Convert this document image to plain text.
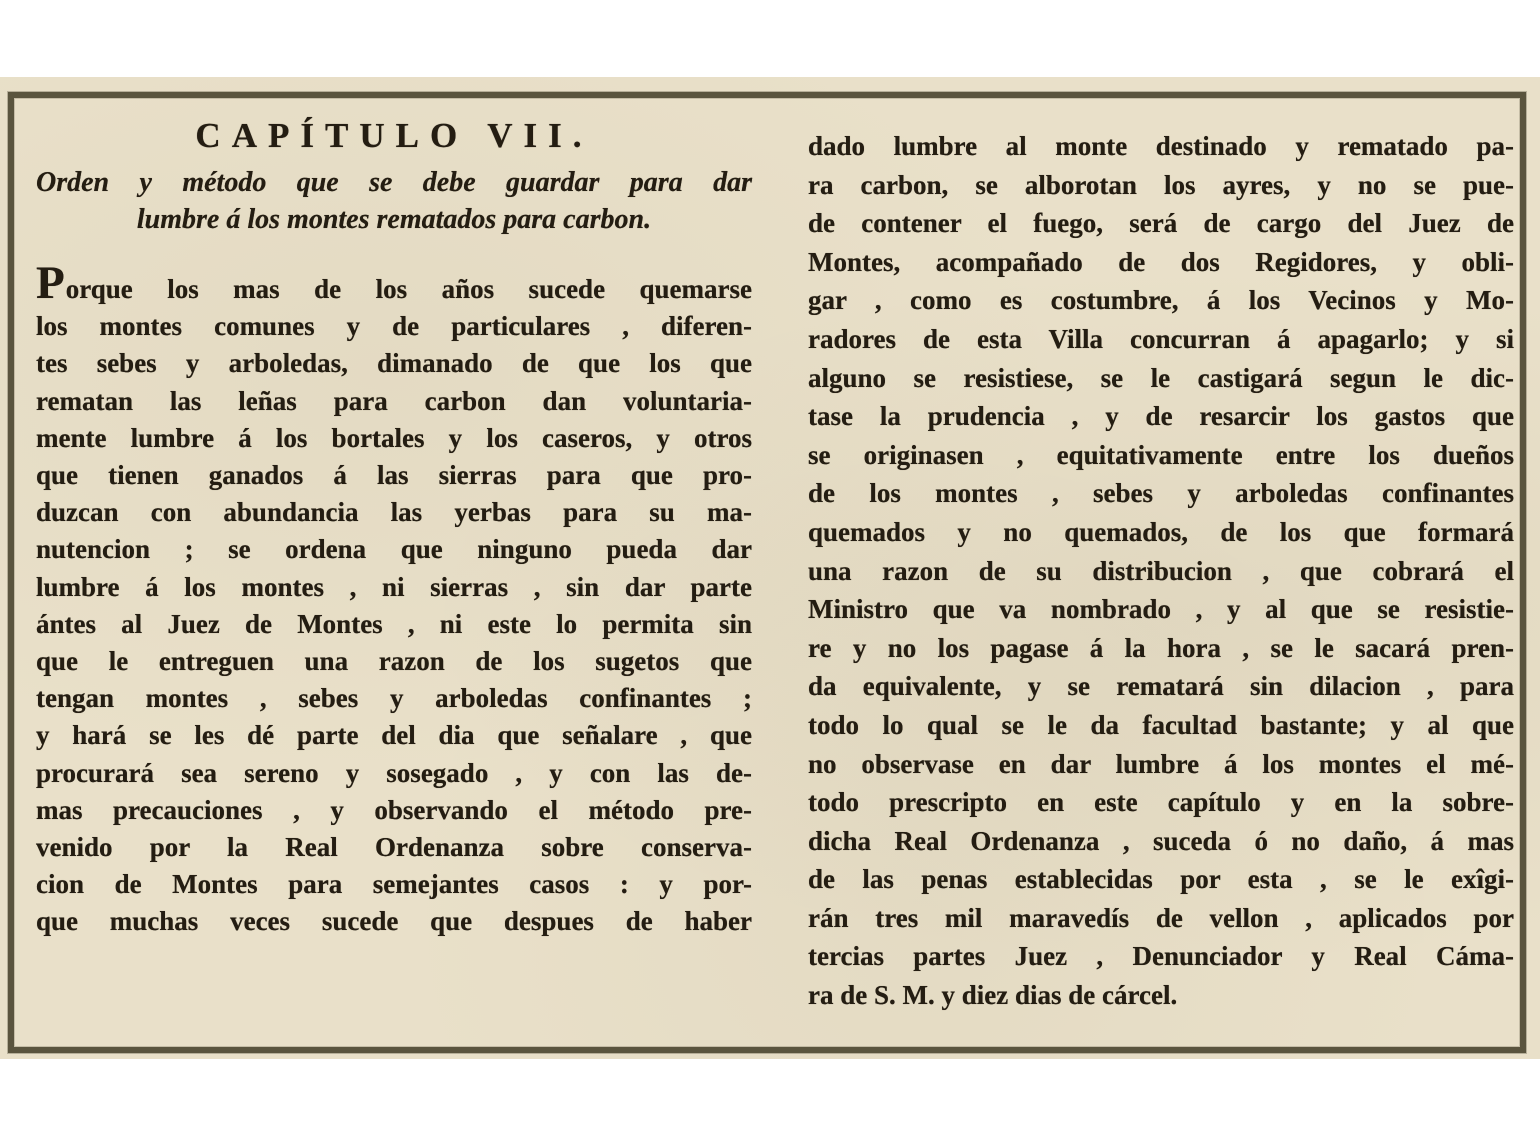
CAPÍTULO VII.
Orden y método que se debe guardar para dar
lumbre á los montes rematados para carbon.
Porque los mas de los años sucede quemarse
los montes comunes y de particulares , diferen-
tes sebes y arboledas, dimanado de que los que
rematan las leñas para carbon dan voluntaria-
mente lumbre á los bortales y los caseros, y otros
que tienen ganados á las sierras para que pro-
duzcan con abundancia las yerbas para su ma-
nutencion ; se ordena que ninguno pueda dar
lumbre á los montes , ni sierras , sin dar parte
ántes al Juez de Montes , ni este lo permita sin
que le entreguen una razon de los sugetos que
tengan montes , sebes y arboledas confinantes ;
y hará se les dé parte del dia que señalare , que
procurará sea sereno y sosegado , y con las de-
mas precauciones , y observando el método pre-
venido por la Real Ordenanza sobre conserva-
cion de Montes para semejantes casos : y por-
que muchas veces sucede que despues de haber
dado lumbre al monte destinado y rematado pa-
ra carbon, se alborotan los ayres, y no se pue-
de contener el fuego, será de cargo del Juez de
Montes, acompañado de dos Regidores, y obli-
gar , como es costumbre, á los Vecinos y Mo-
radores de esta Villa concurran á apagarlo; y si
alguno se resistiese, se le castigará segun le dic-
tase la prudencia , y de resarcir los gastos que
se originasen , equitativamente entre los dueños
de los montes , sebes y arboledas confinantes
quemados y no quemados, de los que formará
una razon de su distribucion , que cobrará el
Ministro que va nombrado , y al que se resistie-
re y no los pagase á la hora , se le sacará pren-
da equivalente, y se rematará sin dilacion , para
todo lo qual se le da facultad bastante; y al que
no observase en dar lumbre á los montes el mé-
todo prescripto en este capítulo y en la sobre-
dicha Real Ordenanza , suceda ó no daño, á mas
de las penas establecidas por esta , se le exîgi-
rán tres mil maravedís de vellon , aplicados por
tercias partes Juez , Denunciador y Real Cáma-
ra de S. M. y diez dias de cárcel.
